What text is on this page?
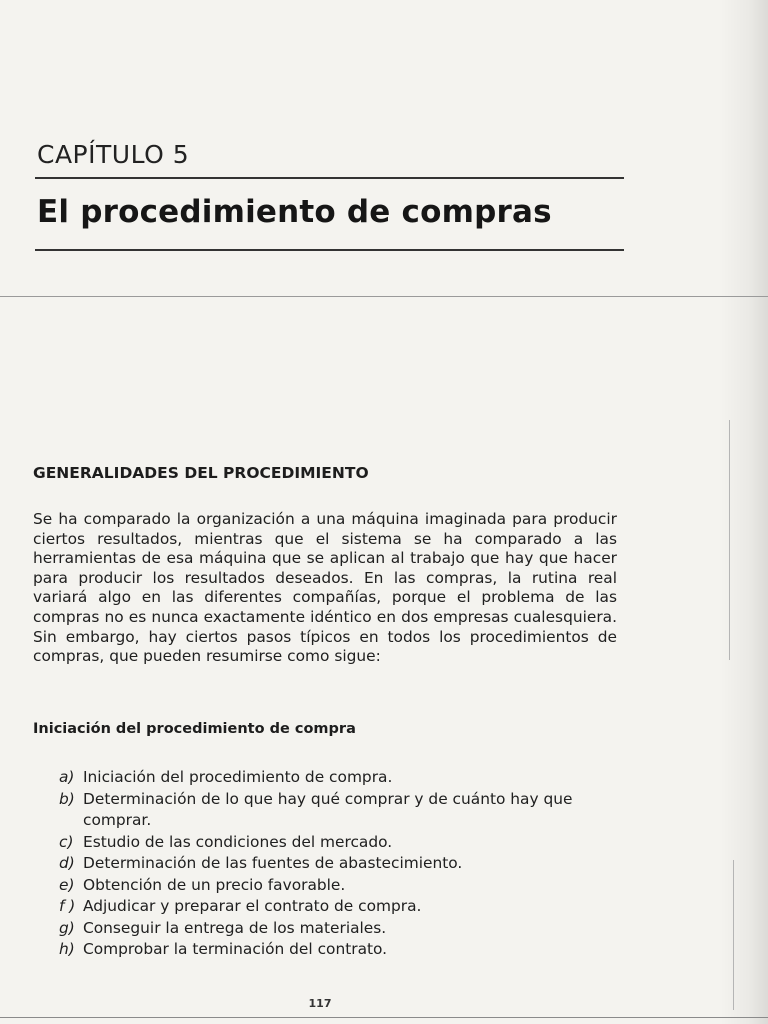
CAPÍTULO 5
El procedimiento de compras
GENERALIDADES DEL PROCEDIMIENTO

Se ha comparado la organización a una máquina imaginada para producir ciertos resultados, mientras que el sistema se ha comparado a las herramientas de esa máquina que se aplican al trabajo que hay que hacer para producir los resultados deseados. En las compras, la rutina real variará algo en las diferentes compañías, porque el problema de las compras no es nunca exactamente idéntico en dos empresas cualesquiera. Sin embargo, hay ciertos pasos típicos en todos los procedimientos de compras, que pueden resumirse como sigue:

Iniciación del procedimiento de compra
a) Iniciación del procedimiento de compra.
b) Determinación de lo que hay qué comprar y de cuánto hay que comprar.
c) Estudio de las condiciones del mercado.
d) Determinación de las fuentes de abastecimiento.
e) Obtención de un precio favorable.
f ) Adjudicar y preparar el contrato de compra.
g) Conseguir la entrega de los materiales.
h) Comprobar la terminación del contrato.
117
